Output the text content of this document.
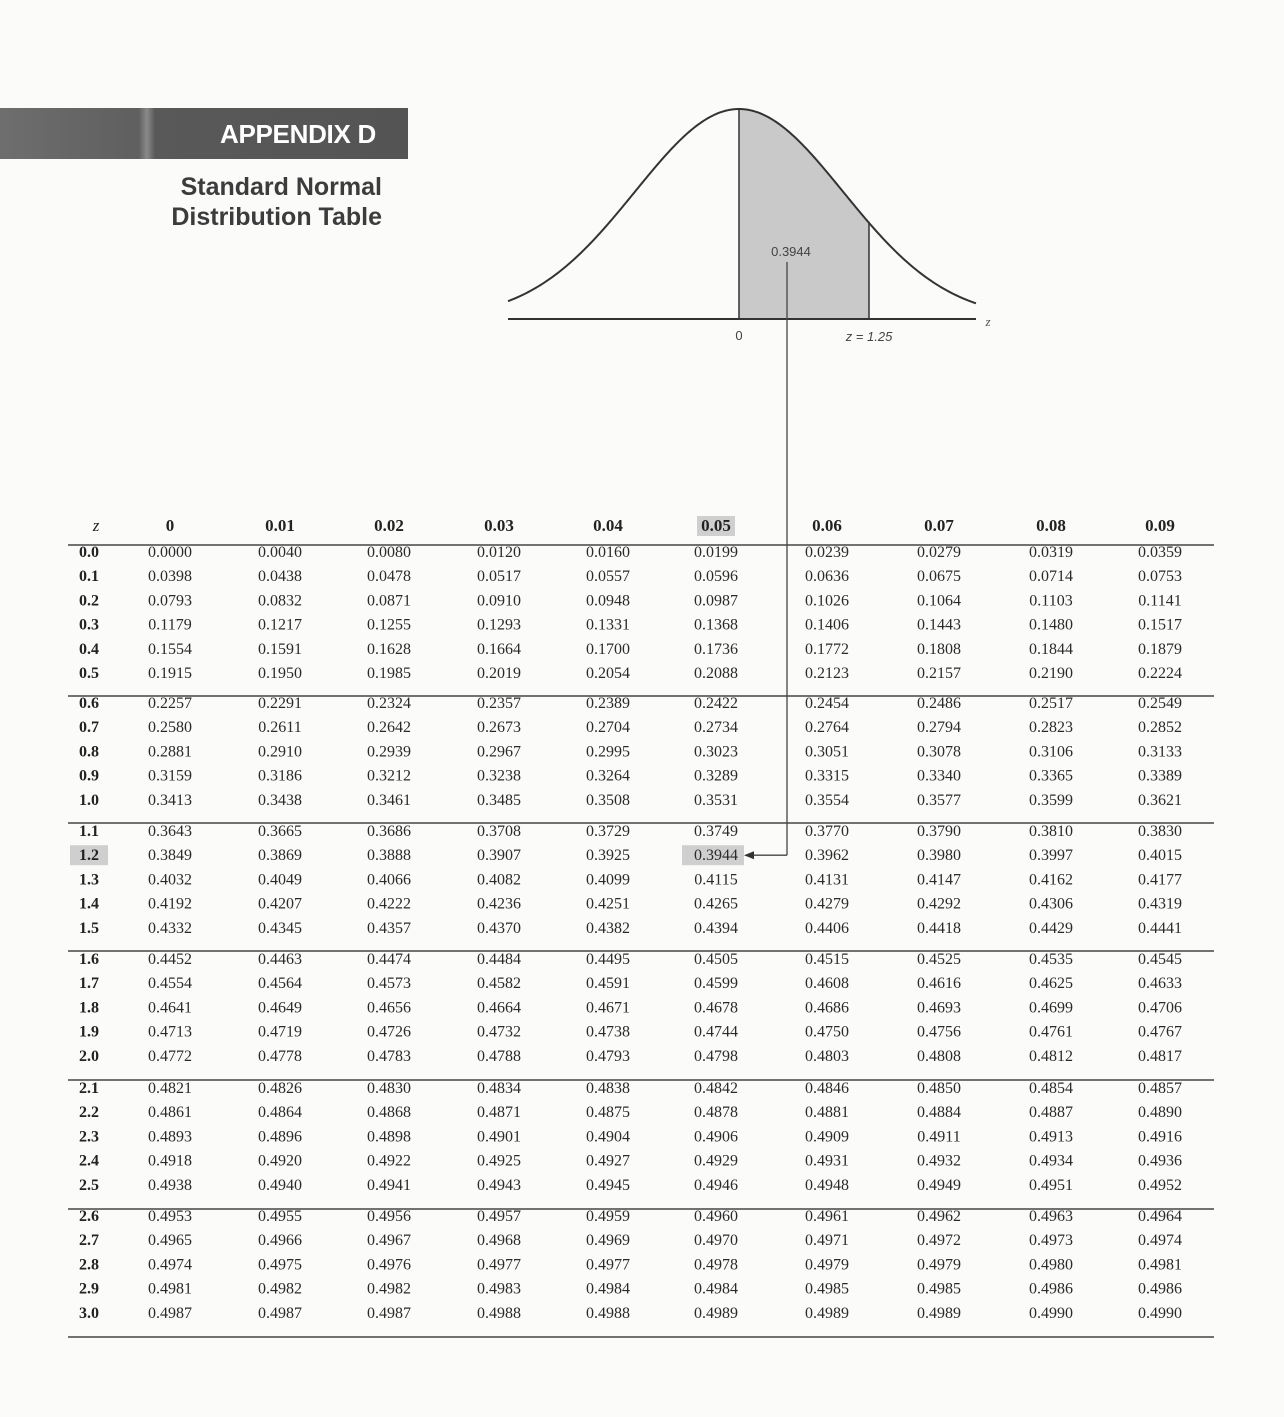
APPENDIX D
Standard Normal
Distribution Table
0.3944
0	z = 1.25
z
z	0	0.01	0.02	0.03	0.04	0.05	0.06	0.07	0.08	0.09
0.0	0.0000	0.0040	0.0080	0.0120	0.0160	0.0199	0.0239	0.0279	0.0319	0.0359
0.1	0.0398	0.0438	0.0478	0.0517	0.0557	0.0596	0.0636	0.0675	0.0714	0.0753
0.2	0.0793	0.0832	0.0871	0.0910	0.0948	0.0987	0.1026	0.1064	0.1103	0.1141
0.3	0.1179	0.1217	0.1255	0.1293	0.1331	0.1368	0.1406	0.1443	0.1480	0.1517
0.4	0.1554	0.1591	0.1628	0.1664	0.1700	0.1736	0.1772	0.1808	0.1844	0.1879
0.5	0.1915	0.1950	0.1985	0.2019	0.2054	0.2088	0.2123	0.2157	0.2190	0.2224
0.6	0.2257	0.2291	0.2324	0.2357	0.2389	0.2422	0.2454	0.2486	0.2517	0.2549
0.7	0.2580	0.2611	0.2642	0.2673	0.2704	0.2734	0.2764	0.2794	0.2823	0.2852
0.8	0.2881	0.2910	0.2939	0.2967	0.2995	0.3023	0.3051	0.3078	0.3106	0.3133
0.9	0.3159	0.3186	0.3212	0.3238	0.3264	0.3289	0.3315	0.3340	0.3365	0.3389
1.0	0.3413	0.3438	0.3461	0.3485	0.3508	0.3531	0.3554	0.3577	0.3599	0.3621
1.1	0.3643	0.3665	0.3686	0.3708	0.3729	0.3749	0.3770	0.3790	0.3810	0.3830
1.2	0.3849	0.3869	0.3888	0.3907	0.3925	0.3944	0.3962	0.3980	0.3997	0.4015
1.3	0.4032	0.4049	0.4066	0.4082	0.4099	0.4115	0.4131	0.4147	0.4162	0.4177
1.4	0.4192	0.4207	0.4222	0.4236	0.4251	0.4265	0.4279	0.4292	0.4306	0.4319
1.5	0.4332	0.4345	0.4357	0.4370	0.4382	0.4394	0.4406	0.4418	0.4429	0.4441
1.6	0.4452	0.4463	0.4474	0.4484	0.4495	0.4505	0.4515	0.4525	0.4535	0.4545
1.7	0.4554	0.4564	0.4573	0.4582	0.4591	0.4599	0.4608	0.4616	0.4625	0.4633
1.8	0.4641	0.4649	0.4656	0.4664	0.4671	0.4678	0.4686	0.4693	0.4699	0.4706
1.9	0.4713	0.4719	0.4726	0.4732	0.4738	0.4744	0.4750	0.4756	0.4761	0.4767
2.0	0.4772	0.4778	0.4783	0.4788	0.4793	0.4798	0.4803	0.4808	0.4812	0.4817
2.1	0.4821	0.4826	0.4830	0.4834	0.4838	0.4842	0.4846	0.4850	0.4854	0.4857
2.2	0.4861	0.4864	0.4868	0.4871	0.4875	0.4878	0.4881	0.4884	0.4887	0.4890
2.3	0.4893	0.4896	0.4898	0.4901	0.4904	0.4906	0.4909	0.4911	0.4913	0.4916
2.4	0.4918	0.4920	0.4922	0.4925	0.4927	0.4929	0.4931	0.4932	0.4934	0.4936
2.5	0.4938	0.4940	0.4941	0.4943	0.4945	0.4946	0.4948	0.4949	0.4951	0.4952
2.6	0.4953	0.4955	0.4956	0.4957	0.4959	0.4960	0.4961	0.4962	0.4963	0.4964
2.7	0.4965	0.4966	0.4967	0.4968	0.4969	0.4970	0.4971	0.4972	0.4973	0.4974
2.8	0.4974	0.4975	0.4976	0.4977	0.4977	0.4978	0.4979	0.4979	0.4980	0.4981
2.9	0.4981	0.4982	0.4982	0.4983	0.4984	0.4984	0.4985	0.4985	0.4986	0.4986
3.0	0.4987	0.4987	0.4987	0.4988	0.4988	0.4989	0.4989	0.4989	0.4990	0.4990
